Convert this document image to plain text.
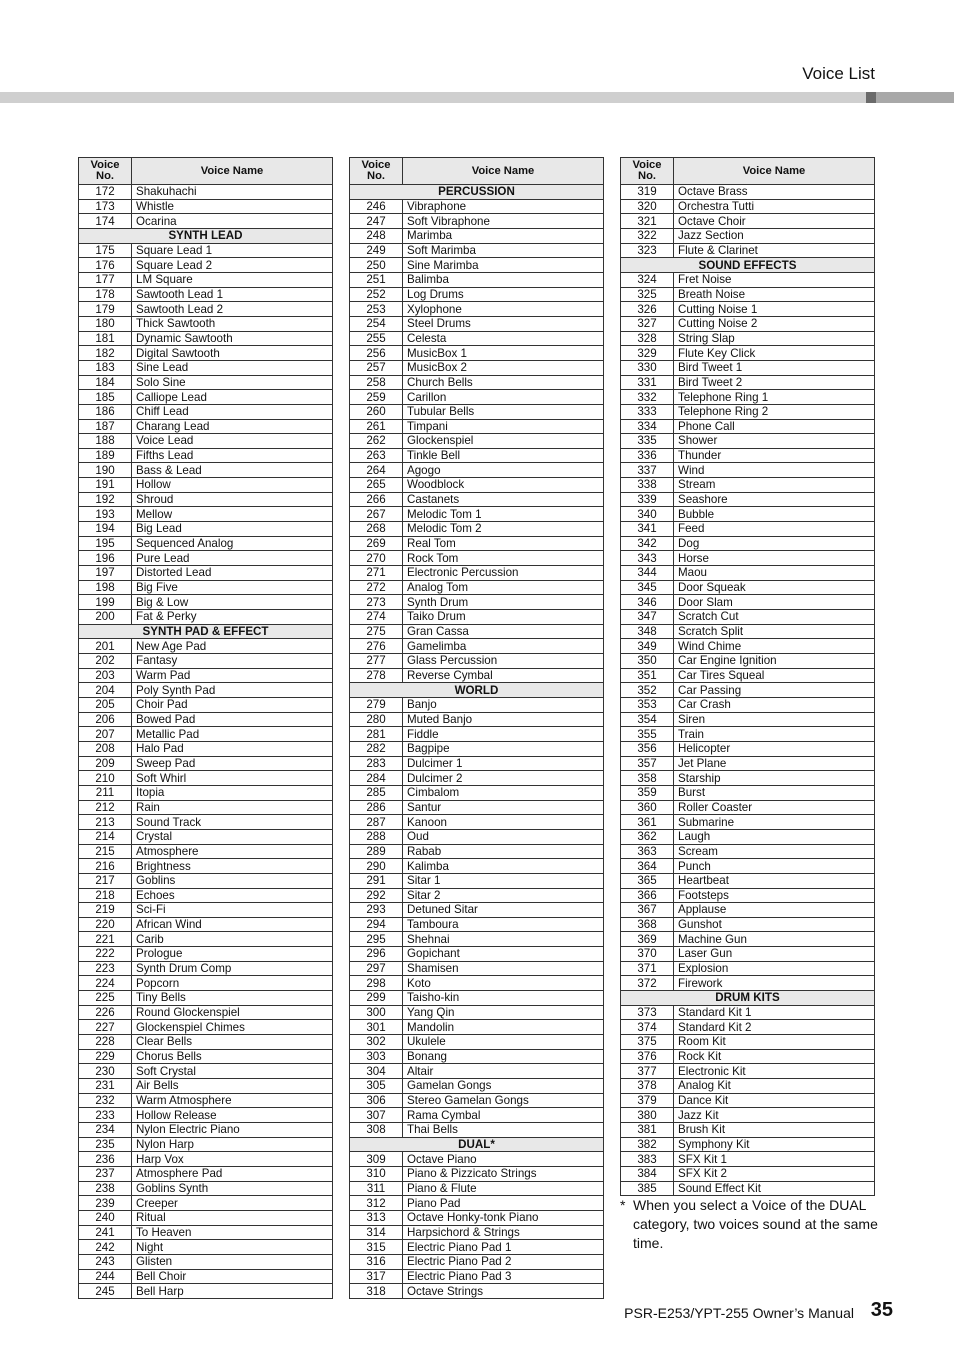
Voice List
Voice No.	Voice Name
172	Shakuhachi
173	Whistle
174	Ocarina
SYNTH LEAD	
175	Square Lead 1
176	Square Lead 2
177	LM Square
178	Sawtooth Lead 1
179	Sawtooth Lead 2
180	Thick Sawtooth
181	Dynamic Sawtooth
182	Digital Sawtooth
183	Sine Lead
184	Solo Sine
185	Calliope Lead
186	Chiff Lead
187	Charang Lead
188	Voice Lead
189	Fifths Lead
190	Bass & Lead
191	Hollow
192	Shroud
193	Mellow
194	Big Lead
195	Sequenced Analog
196	Pure Lead
197	Distorted Lead
198	Big Five
199	Big & Low
200	Fat & Perky
SYNTH PAD & EFFECT	
201	New Age Pad
202	Fantasy
203	Warm Pad
204	Poly Synth Pad
205	Choir Pad
206	Bowed Pad
207	Metallic Pad
208	Halo Pad
209	Sweep Pad
210	Soft Whirl
211	Itopia
212	Rain
213	Sound Track
214	Crystal
215	Atmosphere
216	Brightness
217	Goblins
218	Echoes
219	Sci-Fi
220	African Wind
221	Carib
222	Prologue
223	Synth Drum Comp
224	Popcorn
225	Tiny Bells
226	Round Glockenspiel
227	Glockenspiel Chimes
228	Clear Bells
229	Chorus Bells
230	Soft Crystal
231	Air Bells
232	Warm Atmosphere
233	Hollow Release
234	Nylon Electric Piano
235	Nylon Harp
236	Harp Vox
237	Atmosphere Pad
238	Goblins Synth
239	Creeper
240	Ritual
241	To Heaven
242	Night
243	Glisten
244	Bell Choir
245	Bell Harp
Voice No.	Voice Name
PERCUSSION	
246	Vibraphone
247	Soft Vibraphone
248	Marimba
249	Soft Marimba
250	Sine Marimba
251	Balimba
252	Log Drums
253	Xylophone
254	Steel Drums
255	Celesta
256	MusicBox 1
257	MusicBox 2
258	Church Bells
259	Carillon
260	Tubular Bells
261	Timpani
262	Glockenspiel
263	Tinkle Bell
264	Agogo
265	Woodblock
266	Castanets
267	Melodic Tom 1
268	Melodic Tom 2
269	Real Tom
270	Rock Tom
271	Electronic Percussion
272	Analog Tom
273	Synth Drum
274	Taiko Drum
275	Gran Cassa
276	Gamelimba
277	Glass Percussion
278	Reverse Cymbal
WORLD	
279	Banjo
280	Muted Banjo
281	Fiddle
282	Bagpipe
283	Dulcimer 1
284	Dulcimer 2
285	Cimbalom
286	Santur
287	Kanoon
288	Oud
289	Rabab
290	Kalimba
291	Sitar 1
292	Sitar 2
293	Detuned Sitar
294	Tamboura
295	Shehnai
296	Gopichant
297	Shamisen
298	Koto
299	Taisho-kin
300	Yang Qin
301	Mandolin
302	Ukulele
303	Bonang
304	Altair
305	Gamelan Gongs
306	Stereo Gamelan Gongs
307	Rama Cymbal
308	Thai Bells
DUAL*	
309	Octave Piano
310	Piano & Pizzicato Strings
311	Piano & Flute
312	Piano Pad
313	Octave Honky-tonk Piano
314	Harpsichord & Strings
315	Electric Piano Pad 1
316	Electric Piano Pad 2
317	Electric Piano Pad 3
318	Octave Strings
Voice No.	Voice Name
319	Octave Brass
320	Orchestra Tutti
321	Octave Choir
322	Jazz Section
323	Flute & Clarinet
SOUND EFFECTS	
324	Fret Noise
325	Breath Noise
326	Cutting Noise 1
327	Cutting Noise 2
328	String Slap
329	Flute Key Click
330	Bird Tweet 1
331	Bird Tweet 2
332	Telephone Ring 1
333	Telephone Ring 2
334	Phone Call
335	Shower
336	Thunder
337	Wind
338	Stream
339	Seashore
340	Bubble
341	Feed
342	Dog
343	Horse
344	Maou
345	Door Squeak
346	Door Slam
347	Scratch Cut
348	Scratch Split
349	Wind Chime
350	Car Engine Ignition
351	Car Tires Squeal
352	Car Passing
353	Car Crash
354	Siren
355	Train
356	Helicopter
357	Jet Plane
358	Starship
359	Burst
360	Roller Coaster
361	Submarine
362	Laugh
363	Scream
364	Punch
365	Heartbeat
366	Footsteps
367	Applause
368	Gunshot
369	Machine Gun
370	Laser Gun
371	Explosion
372	Firework
DRUM KITS	
373	Standard Kit 1
374	Standard Kit 2
375	Room Kit
376	Rock Kit
377	Electronic Kit
378	Analog Kit
379	Dance Kit
380	Jazz Kit
381	Brush Kit
382	Symphony Kit
383	SFX Kit 1
384	SFX Kit 2
385	Sound Effect Kit
* When you select a Voice of the DUAL category, two voices sound at the same time.
PSR-E253/YPT-255 Owner’s Manual 35
